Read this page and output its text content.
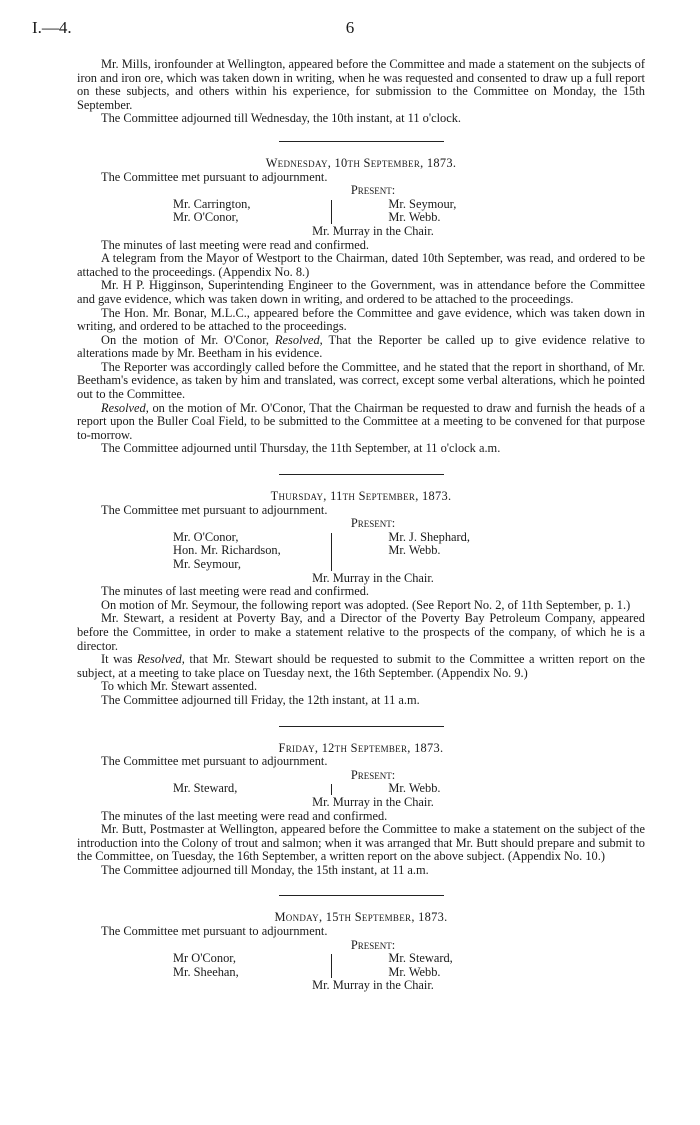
I.—4.	6

Mr. Mills, ironfounder at Wellington, appeared before the Committee and made a statement on the subjects of iron and iron ore, which was taken down in writing, when he was requested and consented to draw up a full report on these subjects, and others within his experience, for submission to the Committee on Monday, the 15th September.

The Committee adjourned till Wednesday, the 10th instant, at 11 o'clock.

Wednesday, 10th September, 1873.

The Committee met pursuant to adjournment.

Present:

Mr. Carrington,

Mr. O'Conor,

Mr. Seymour,

Mr. Webb.

Mr. Murray in the Chair.

The minutes of last meeting were read and confirmed.

A telegram from the Mayor of Westport to the Chairman, dated 10th September, was read, and ordered to be attached to the proceedings. (Appendix No. 8.)

Mr. H P. Higginson, Superintending Engineer to the Government, was in attendance before the Committee and gave evidence, which was taken down in writing, and ordered to be attached to the proceedings.

The Hon. Mr. Bonar, M.L.C., appeared before the Committee and gave evidence, which was taken down in writing, and ordered to be attached to the proceedings.

On the motion of Mr. O'Conor, Resolved, That the Reporter be called up to give evidence relative to alterations made by Mr. Beetham in his evidence.

The Reporter was accordingly called before the Committee, and he stated that the report in shorthand, of Mr. Beetham's evidence, as taken by him and translated, was correct, except some verbal alterations, which he pointed out to the Committee.

Resolved, on the motion of Mr. O'Conor, That the Chairman be requested to draw and furnish the heads of a report upon the Buller Coal Field, to be submitted to the Committee at a meeting to be convened for that purpose to-morrow.

The Committee adjourned until Thursday, the 11th September, at 11 o'clock a.m.

Thursday, 11th September, 1873.

The Committee met pursuant to adjournment.

Present:

Mr. O'Conor,

Hon. Mr. Richardson,

Mr. Seymour,

Mr. J. Shephard,

Mr. Webb.

Mr. Murray in the Chair.

The minutes of last meeting were read and confirmed.

On motion of Mr. Seymour, the following report was adopted. (See Report No. 2, of 11th September, p. 1.)

Mr. Stewart, a resident at Poverty Bay, and a Director of the Poverty Bay Petroleum Company, appeared before the Committee, in order to make a statement relative to the prospects of the company, of which he is a director.

It was Resolved, that Mr. Stewart should be requested to submit to the Committee a written report on the subject, at a meeting to take place on Tuesday next, the 16th September. (Appendix No. 9.)

To which Mr. Stewart assented.

The Committee adjourned till Friday, the 12th instant, at 11 a.m.

Friday, 12th September, 1873.

The Committee met pursuant to adjournment.

Present:

Mr. Steward,	Mr. Webb.

Mr. Murray in the Chair.

The minutes of the last meeting were read and confirmed.

Mr. Butt, Postmaster at Wellington, appeared before the Committee to make a statement on the subject of the introduction into the Colony of trout and salmon; when it was arranged that Mr. Butt should prepare and submit to the Committee, on Tuesday, the 16th September, a written report on the above subject. (Appendix No. 10.)

The Committee adjourned till Monday, the 15th instant, at 11 a.m.

Monday, 15th September, 1873.

The Committee met pursuant to adjournment.

Present:

Mr O'Conor,

Mr. Sheehan,

Mr. Steward,

Mr. Webb.

Mr. Murray in the Chair.
